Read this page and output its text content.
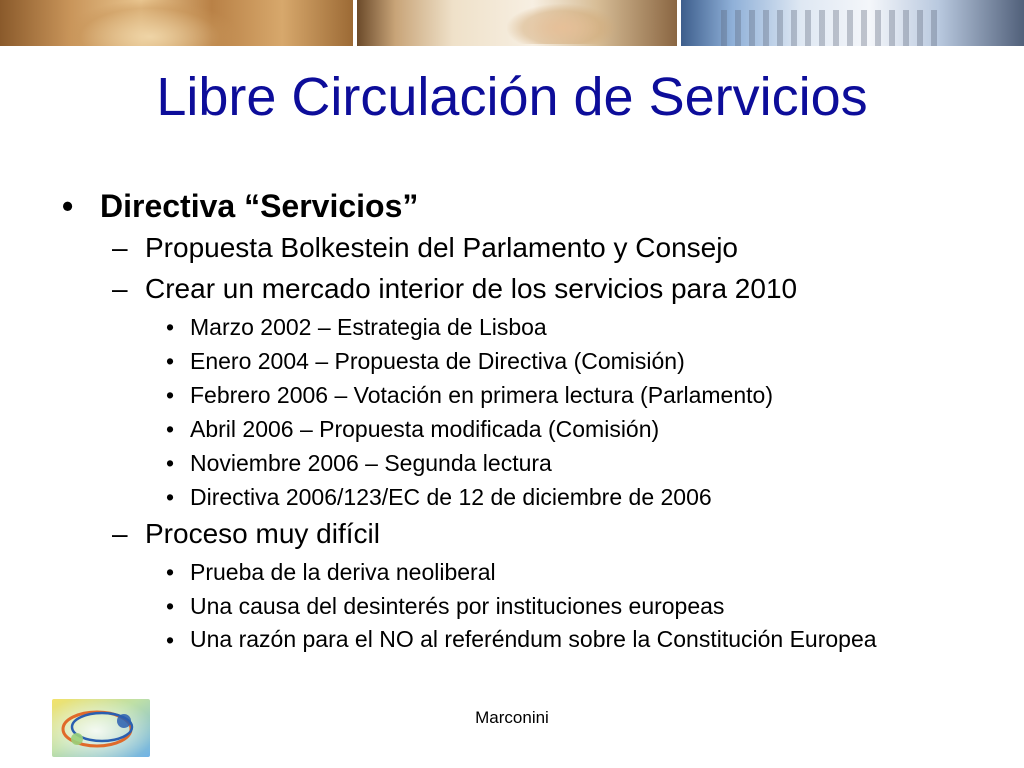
Libre Circulación de Servicios
• Directiva “Servicios”
– Propuesta Bolkestein del Parlamento y Consejo
– Crear un mercado interior de los servicios para 2010
• Marzo 2002 – Estrategia de Lisboa
• Enero 2004 – Propuesta de Directiva (Comisión)
• Febrero 2006 – Votación en primera lectura (Parlamento)
• Abril 2006 – Propuesta modificada (Comisión)
• Noviembre 2006 – Segunda lectura
• Directiva 2006/123/EC de 12 de diciembre de 2006
– Proceso muy difícil
• Prueba de la deriva neoliberal
• Una causa del desinterés por instituciones europeas
• Una razón para el NO al referéndum sobre la Constitución Europea
Marconini
